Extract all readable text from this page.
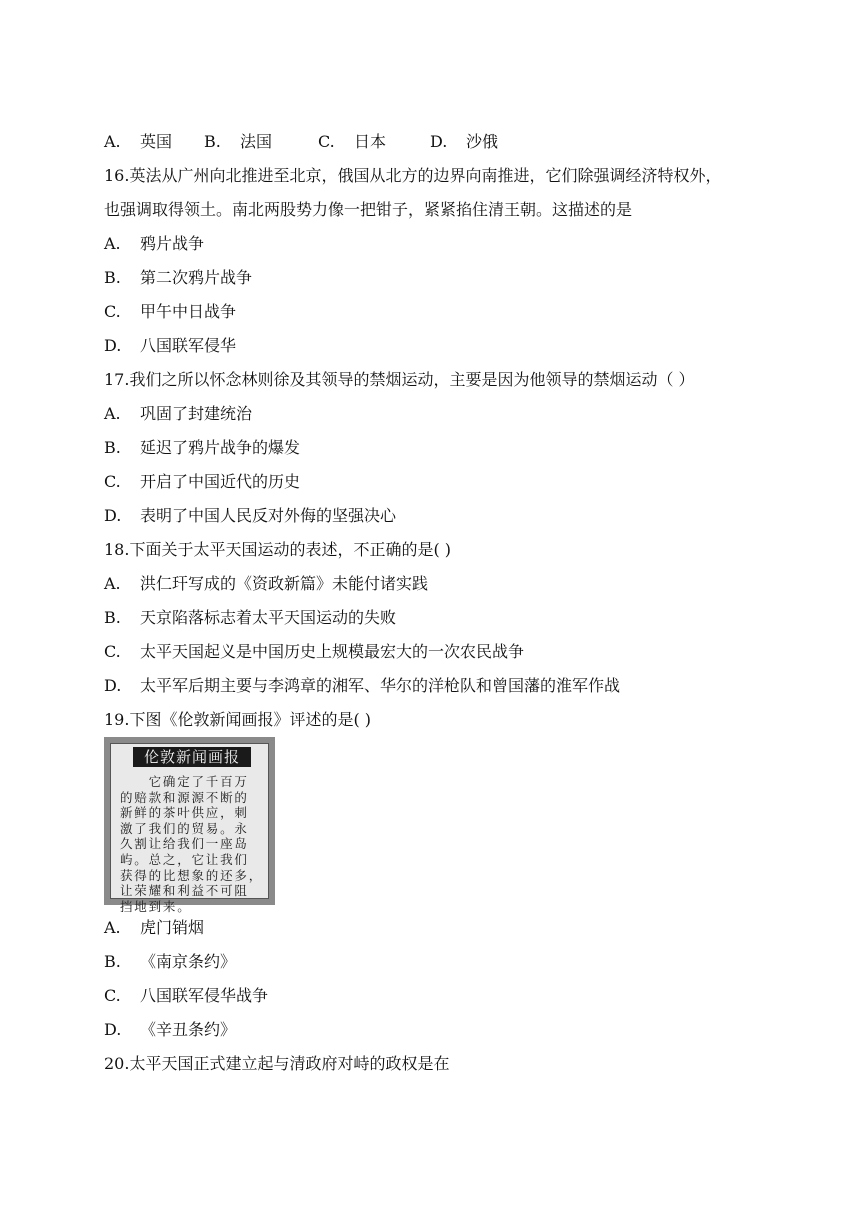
A. 英国 B. 法国	C. 日本	D. 沙俄
16.英法从广州向北推进至北京，俄国从北方的边界向南推进，它们除强调经济特权外，
也强调取得领土。南北两股势力像一把钳子，紧紧掐住清王朝。这描述的是
A. 鸦片战争
B. 第二次鸦片战争
C. 甲午中日战争
D. 八国联军侵华
17.我们之所以怀念林则徐及其领导的禁烟运动，主要是因为他领导的禁烟运动（ ）
A. 巩固了封建统治
B. 延迟了鸦片战争的爆发
C. 开启了中国近代的历史
D. 表明了中国人民反对外侮的坚强决心
18.下面关于太平天国运动的表述，不正确的是( )
A. 洪仁玕写成的《资政新篇》未能付诸实践
B. 天京陷落标志着太平天国运动的失败
C. 太平天国起义是中国历史上规模最宏大的一次农民战争
D. 太平军后期主要与李鸿章的湘军、华尔的洋枪队和曾国藩的淮军作战
19.下图《伦敦新闻画报》评述的是( )
伦敦新闻画报
　　它确定了千百万
的赔款和源源不断的
新鲜的茶叶供应，刺
激了我们的贸易。永
久割让给我们一座岛
屿。总之，它让我们
获得的比想象的还多，
让荣耀和利益不可阻
挡地到来。
A. 虎门销烟
B. 《南京条约》
C. 八国联军侵华战争
D. 《辛丑条约》
20.太平天国正式建立起与清政府对峙的政权是在
